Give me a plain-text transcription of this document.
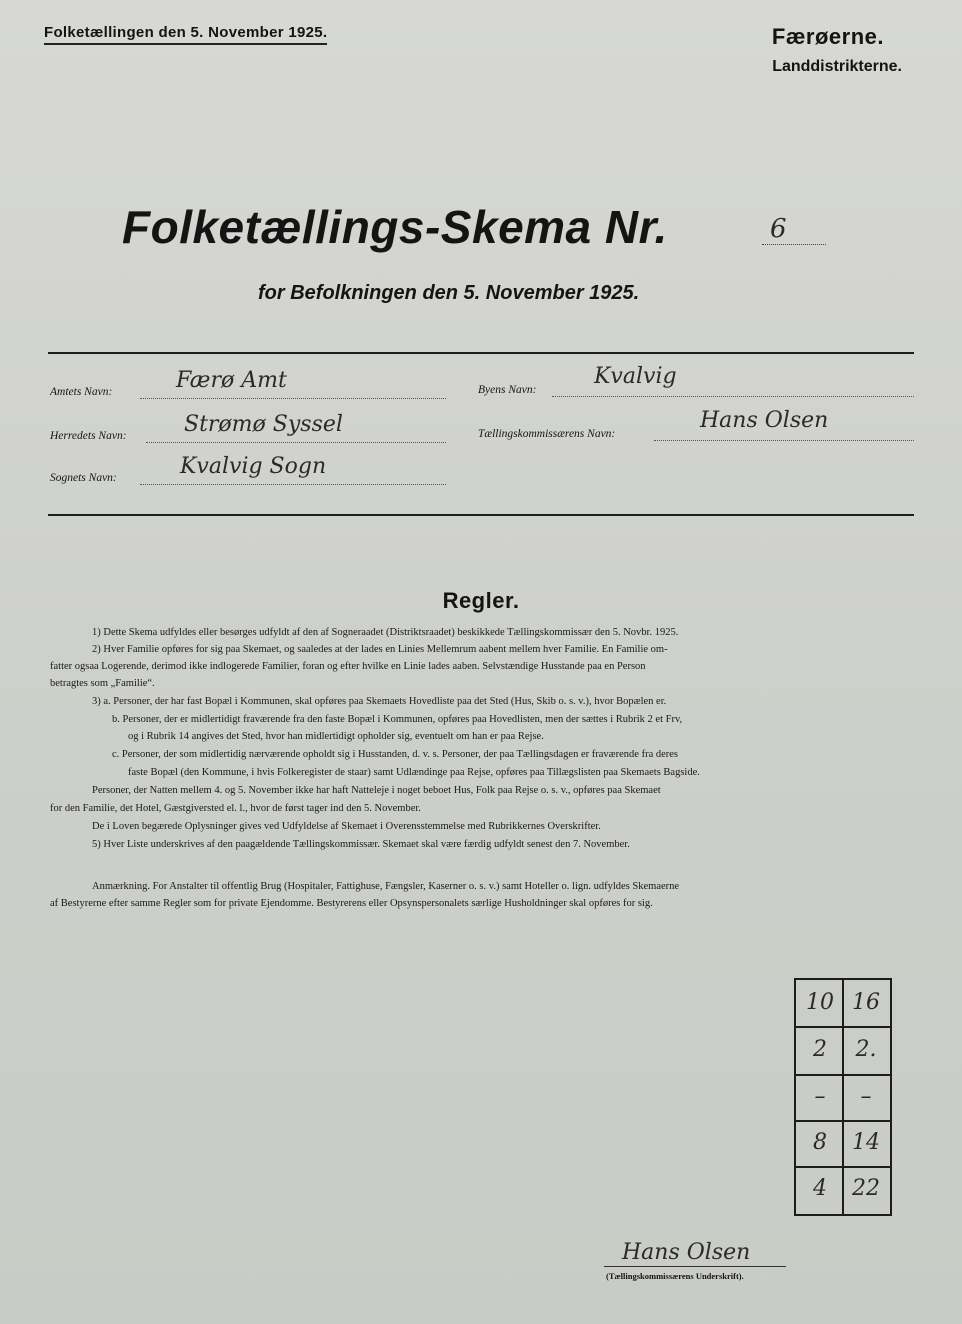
Folketællingen den 5. November 1925.	Færøerne.
Landdistrikterne.
Folketællings-Skema Nr.	6
for Befolkningen den 5. November 1925.
Amtets Navn:	Færø Amt
Herredets Navn:	Strømø Syssel
Sognets Navn:	Kvalvig Sogn
Byens Navn:
Kvalvig
Tællingskommissærens Navn:
Hans Olsen
Regler.
1) Dette Skema udfyldes eller besørges udfyldt af den af Sogneraadet (Distriktsraadet) beskikkede Tællingskommissær den 5. Novbr. 1925.
2) Hver Familie opføres for sig paa Skemaet, og saaledes at der lades en Linies Mellemrum aabent mellem hver Familie. En Familie om-
fatter ogsaa Logerende, derimod ikke indlogerede Familier, foran og efter hvilke en Linie lades aaben. Selvstændige Husstande paa en Person
betragtes som „Familie“.
3) a. Personer, der har fast Bopæl i Kommunen, skal opføres paa Skemaets Hovedliste paa det Sted (Hus, Skib o. s. v.), hvor Bopælen er.
b. Personer, der er midlertidigt fraværende fra den faste Bopæl i Kommunen, opføres paa Hovedlisten, men der sættes i Rubrik 2 et Frv,
og i Rubrik 14 angives det Sted, hvor han midlertidigt opholder sig, eventuelt om han er paa Rejse.
c. Personer, der som midlertidig nærværende opholdt sig i Husstanden, d. v. s. Personer, der paa Tællingsdagen er fraværende fra deres
faste Bopæl (den Kommune, i hvis Folkeregister de staar) samt Udlændinge paa Rejse, opføres paa Tillægslisten paa Skemaets Bagside.
Personer, der Natten mellem 4. og 5. November ikke har haft Natteleje i noget beboet Hus, Folk paa Rejse o. s. v., opføres paa Skemaet
for den Familie, det Hotel, Gæstgiversted el. l., hvor de først tager ind den 5. November.
De i Loven begærede Oplysninger gives ved Udfyldelse af Skemaet i Overensstemmelse med Rubrikkernes Overskrifter.
5) Hver Liste underskrives af den paagældende Tællingskommissær. Skemaet skal være færdig udfyldt senest den 7. November.
Anmærkning. For Anstalter til offentlig Brug (Hospitaler, Fattighuse, Fængsler, Kaserner o. s. v.) samt Hoteller o. lign. udfyldes Skemaerne
af Bestyrerne efter samme Regler som for private Ejendomme. Bestyrerens eller Opsynspersonalets særlige Husholdninger skal opføres for sig.
10 16
2	2.
–	–
8	14
4	22
Hans Olsen
(Tællingskommissærens Underskrift).
